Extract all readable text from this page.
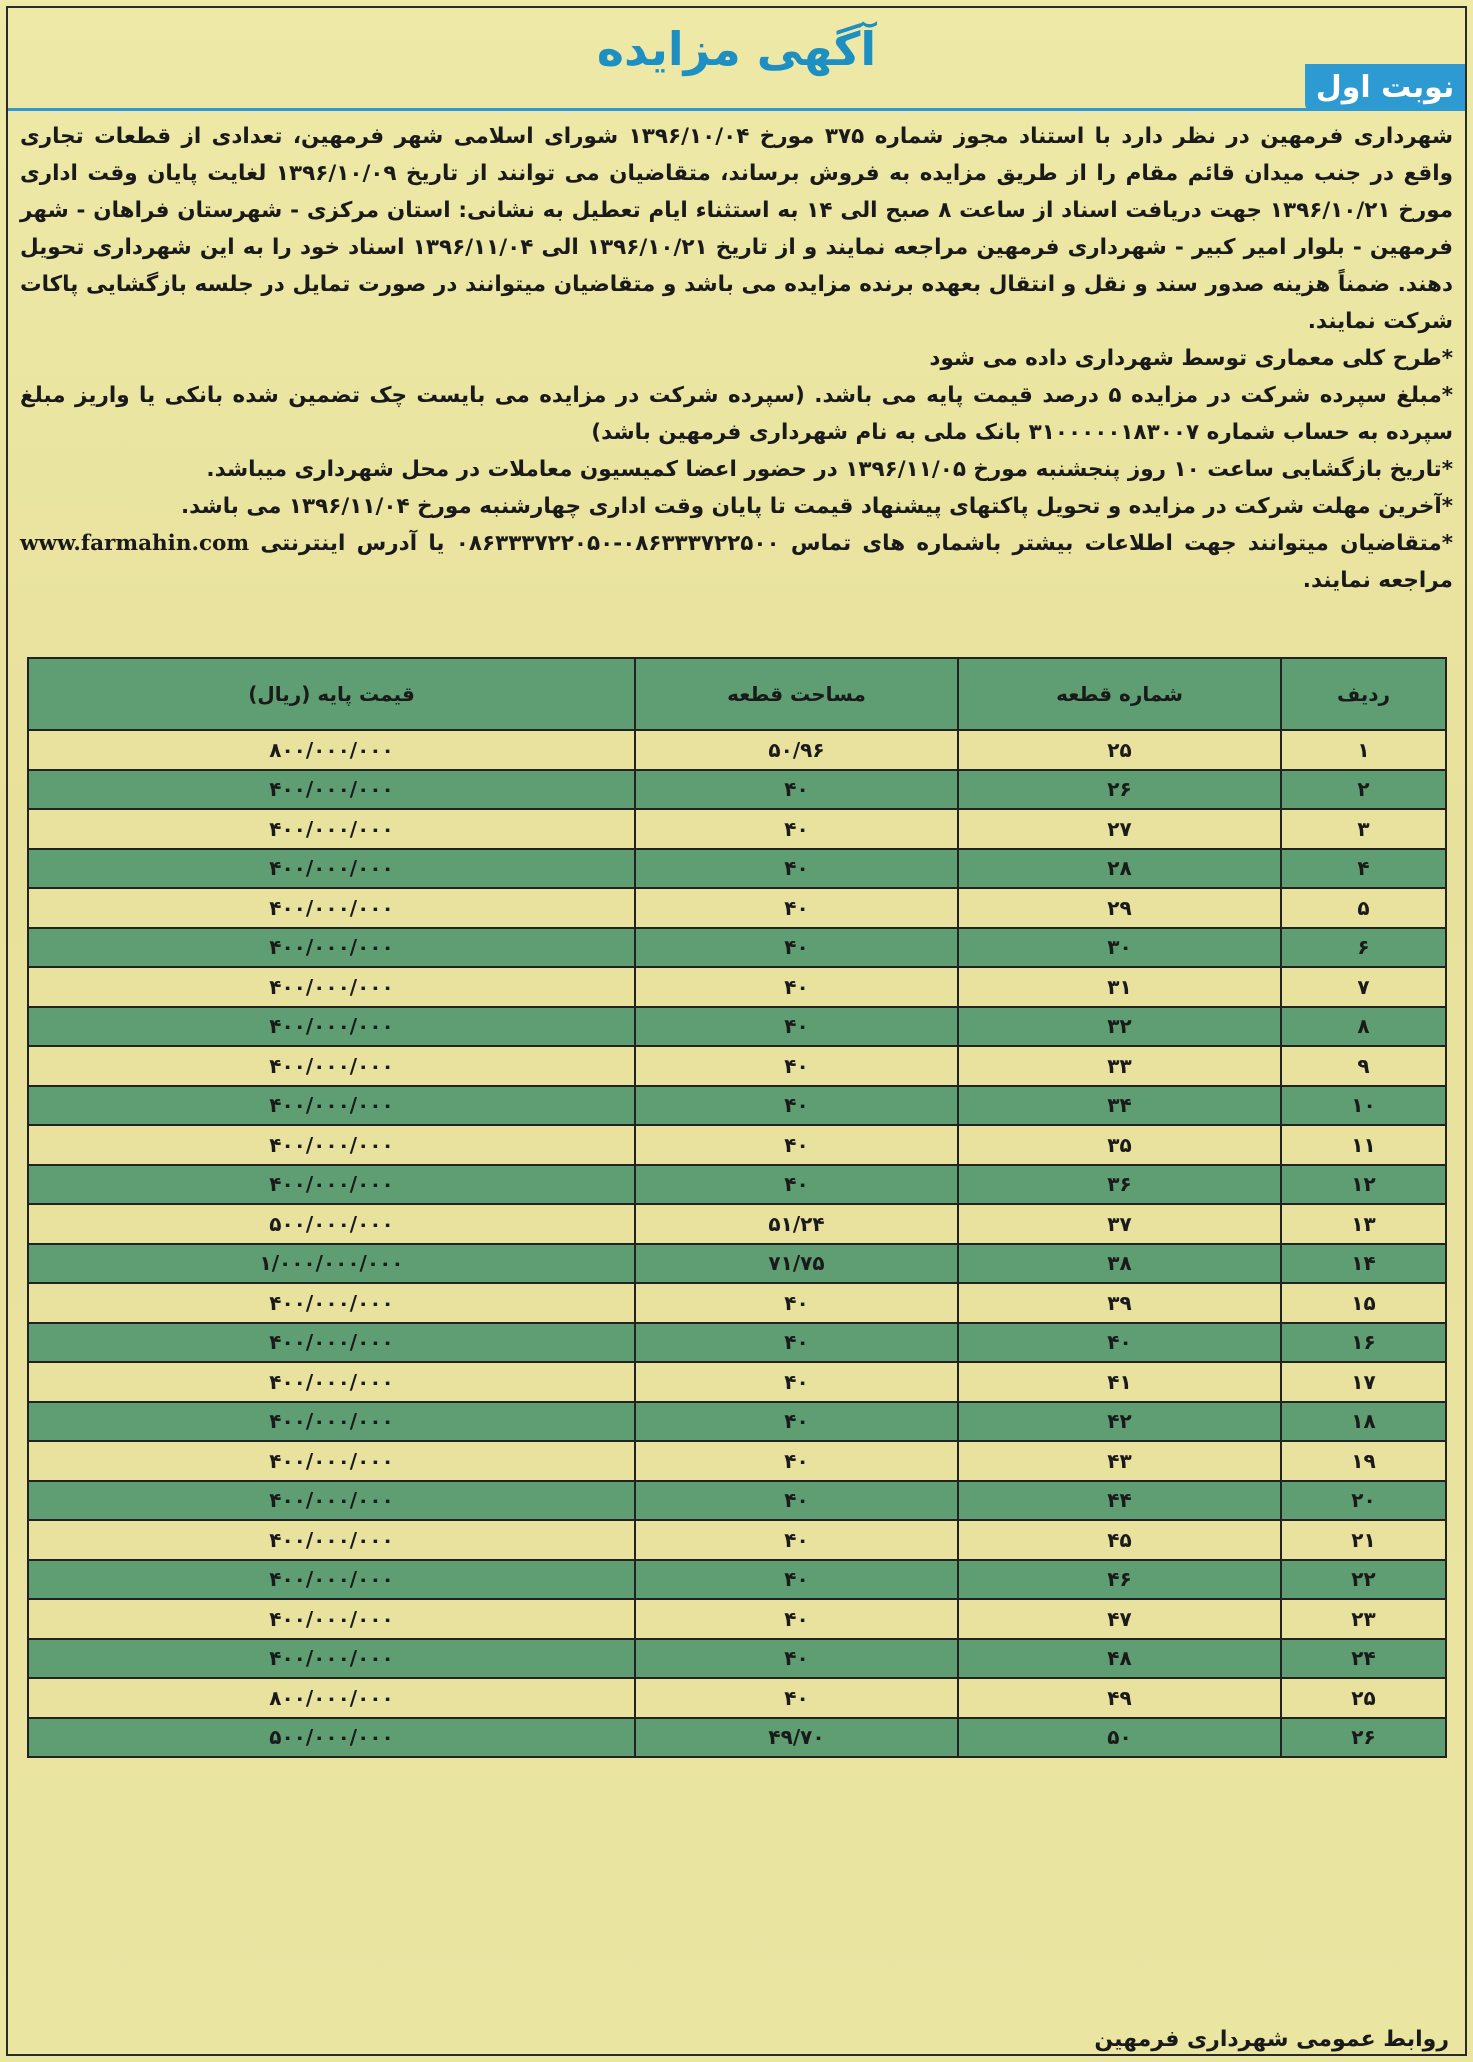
آگهی مزایده
نوبت اول

شهرداری فرمهین در نظر دارد با استناد مجوز شماره ۳۷۵ مورخ ۱۳۹۶/۱۰/۰۴ شورای اسلامی شهر فرمهین، تعدادی از قطعات تجاری واقع در جنب میدان قائم مقام را از طریق مزایده به فروش برساند، متقاضیان می توانند از تاریخ ۱۳۹۶/۱۰/۰۹ لغایت پایان وقت اداری مورخ ۱۳۹۶/۱۰/۲۱ جهت دریافت اسناد از ساعت ۸ صبح الی ۱۴ به استثناء ایام تعطیل به نشانی: استان مرکزی - شهرستان فراهان - شهر فرمهین - بلوار امیر کبیر - شهرداری فرمهین مراجعه نمایند و از تاریخ ۱۳۹۶/۱۰/۲۱ الی ۱۳۹۶/۱۱/۰۴ اسناد خود را به این شهرداری تحویل دهند. ضمناً هزینه صدور سند و نقل و انتقال بعهده برنده مزایده می باشد و متقاضیان میتوانند در صورت تمایل در جلسه بازگشایی پاکات شرکت نمایند.

*طرح کلی معماری توسط شهرداری داده می شود

*مبلغ سپرده شرکت در مزایده ۵ درصد قیمت پایه می باشد. (سپرده شرکت در مزایده می بایست چک تضمین شده بانکی یا واریز مبلغ سپرده به حساب شماره ۳۱۰۰۰۰۰۱۸۳۰۰۷ بانک ملی به نام شهرداری فرمهین باشد)

*تاریخ بازگشایی ساعت ۱۰ روز پنجشنبه مورخ ۱۳۹۶/۱۱/۰۵ در حضور اعضا کمیسیون معاملات در محل شهرداری میباشد.

*آخرین مهلت شرکت در مزایده و تحویل پاکتهای پیشنهاد قیمت تا پایان وقت اداری چهارشنبه مورخ ۱۳۹۶/۱۱/۰۴ می باشد.

*متقاضیان میتوانند جهت اطلاعات بیشتر باشماره های تماس ۰۸۶۳۳۳۷۲۲۵۰۰-۰۸۶۳۳۳۷۲۲۰۵۰ یا آدرس اینترنتی www.farmahin.com مراجعه نمایند.

ردیف	شماره قطعه	مساحت قطعه	قیمت پایه (ریال)
۱	۲۵	۵۰/۹۶	۸۰۰/۰۰۰/۰۰۰
۲	۲۶	۴۰	۴۰۰/۰۰۰/۰۰۰
۳	۲۷	۴۰	۴۰۰/۰۰۰/۰۰۰
۴	۲۸	۴۰	۴۰۰/۰۰۰/۰۰۰
۵	۲۹	۴۰	۴۰۰/۰۰۰/۰۰۰
۶	۳۰	۴۰	۴۰۰/۰۰۰/۰۰۰
۷	۳۱	۴۰	۴۰۰/۰۰۰/۰۰۰
۸	۳۲	۴۰	۴۰۰/۰۰۰/۰۰۰
۹	۳۳	۴۰	۴۰۰/۰۰۰/۰۰۰
۱۰	۳۴	۴۰	۴۰۰/۰۰۰/۰۰۰
۱۱	۳۵	۴۰	۴۰۰/۰۰۰/۰۰۰
۱۲	۳۶	۴۰	۴۰۰/۰۰۰/۰۰۰
۱۳	۳۷	۵۱/۲۴	۵۰۰/۰۰۰/۰۰۰
۱۴	۳۸	۷۱/۷۵	۱/۰۰۰/۰۰۰/۰۰۰
۱۵	۳۹	۴۰	۴۰۰/۰۰۰/۰۰۰
۱۶	۴۰	۴۰	۴۰۰/۰۰۰/۰۰۰
۱۷	۴۱	۴۰	۴۰۰/۰۰۰/۰۰۰
۱۸	۴۲	۴۰	۴۰۰/۰۰۰/۰۰۰
۱۹	۴۳	۴۰	۴۰۰/۰۰۰/۰۰۰
۲۰	۴۴	۴۰	۴۰۰/۰۰۰/۰۰۰
۲۱	۴۵	۴۰	۴۰۰/۰۰۰/۰۰۰
۲۲	۴۶	۴۰	۴۰۰/۰۰۰/۰۰۰
۲۳	۴۷	۴۰	۴۰۰/۰۰۰/۰۰۰
۲۴	۴۸	۴۰	۴۰۰/۰۰۰/۰۰۰
۲۵	۴۹	۴۰	۸۰۰/۰۰۰/۰۰۰
۲۶	۵۰	۴۹/۷۰	۵۰۰/۰۰۰/۰۰۰
روابط عمومی شهرداری فرمهین
